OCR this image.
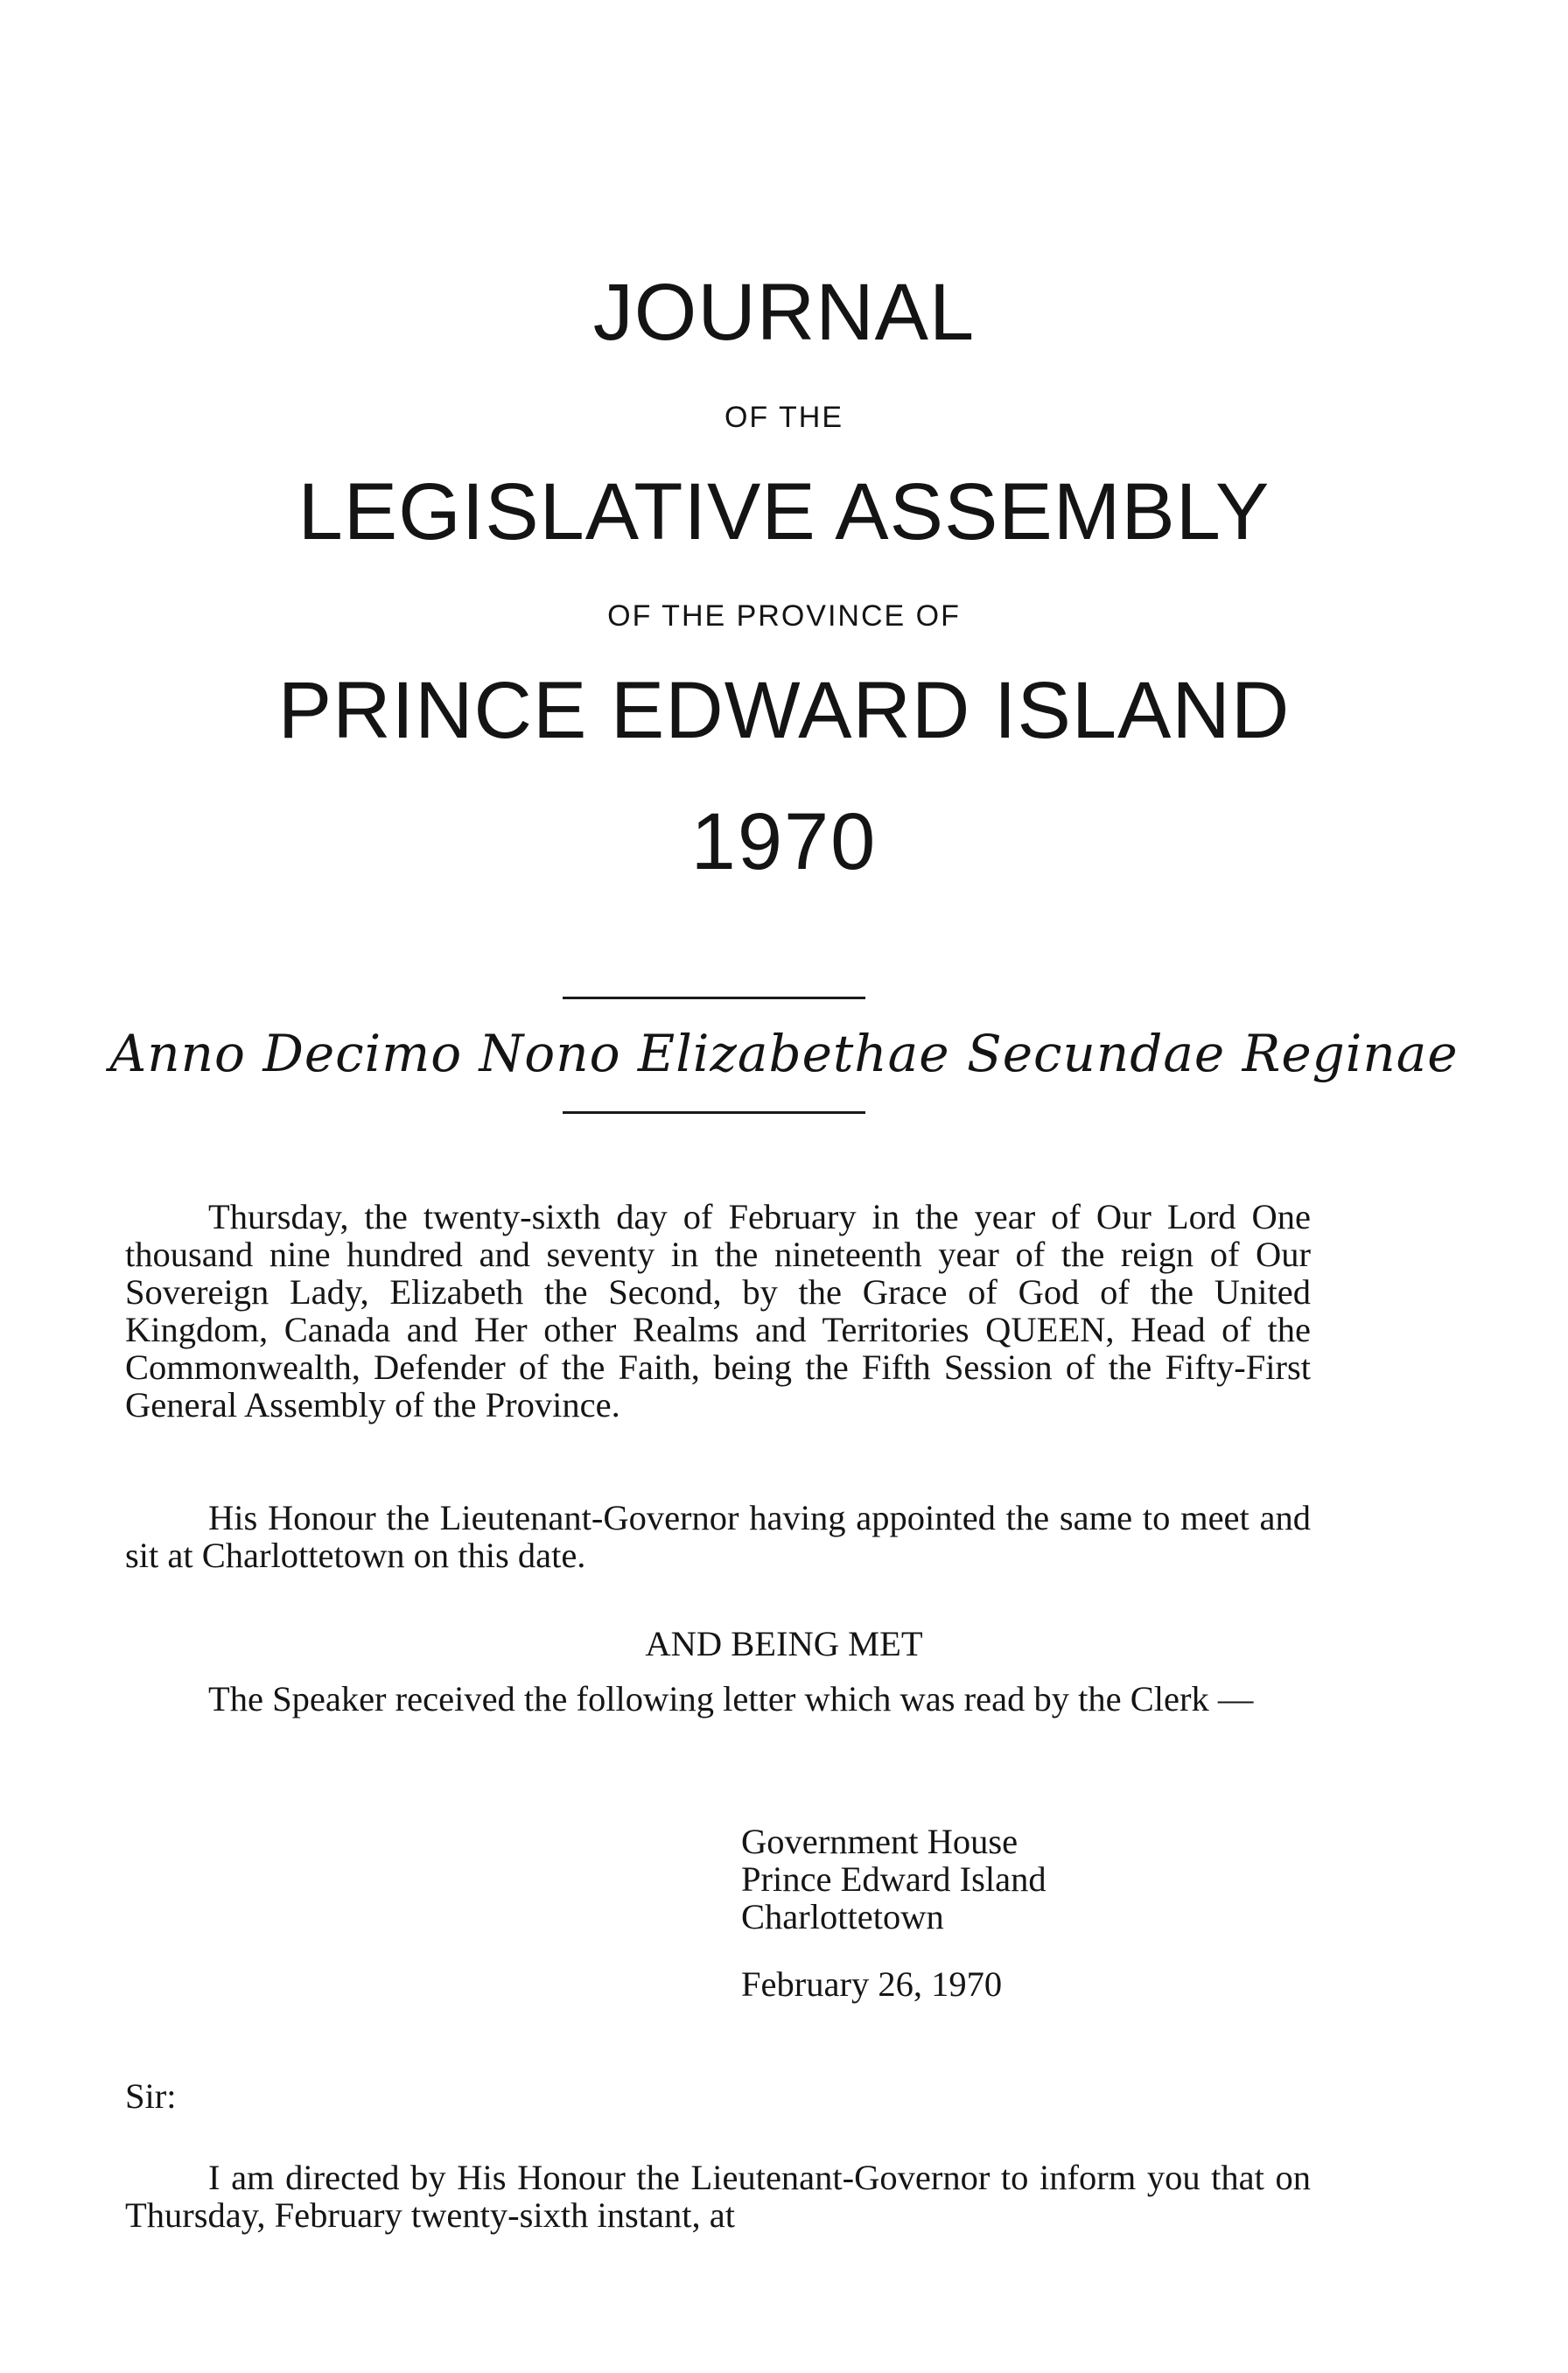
JOURNAL
OF THE
LEGISLATIVE ASSEMBLY
OF THE PROVINCE OF
PRINCE EDWARD ISLAND
1970
Anno Decimo Nono Elizabethae Secundae Reginae
Thursday, the twenty-sixth day of February in the year of Our Lord One thousand nine hundred and seventy in the nineteenth year of the reign of Our Sovereign Lady, Elizabeth the Second, by the Grace of God of the United Kingdom, Canada and Her other Realms and Territories QUEEN, Head of the Commonwealth, Defender of the Faith, being the Fifth Session of the Fifty-First General Assembly of the Province.
His Honour the Lieutenant-Governor having appointed the same to meet and sit at Charlottetown on this date.
AND BEING MET
The Speaker received the following letter which was read by the Clerk —
Government House
Prince Edward Island
Charlottetown
February 26, 1970
Sir:
I am directed by His Honour the Lieutenant-Governor to inform you that on Thursday, February twenty-sixth instant, at
